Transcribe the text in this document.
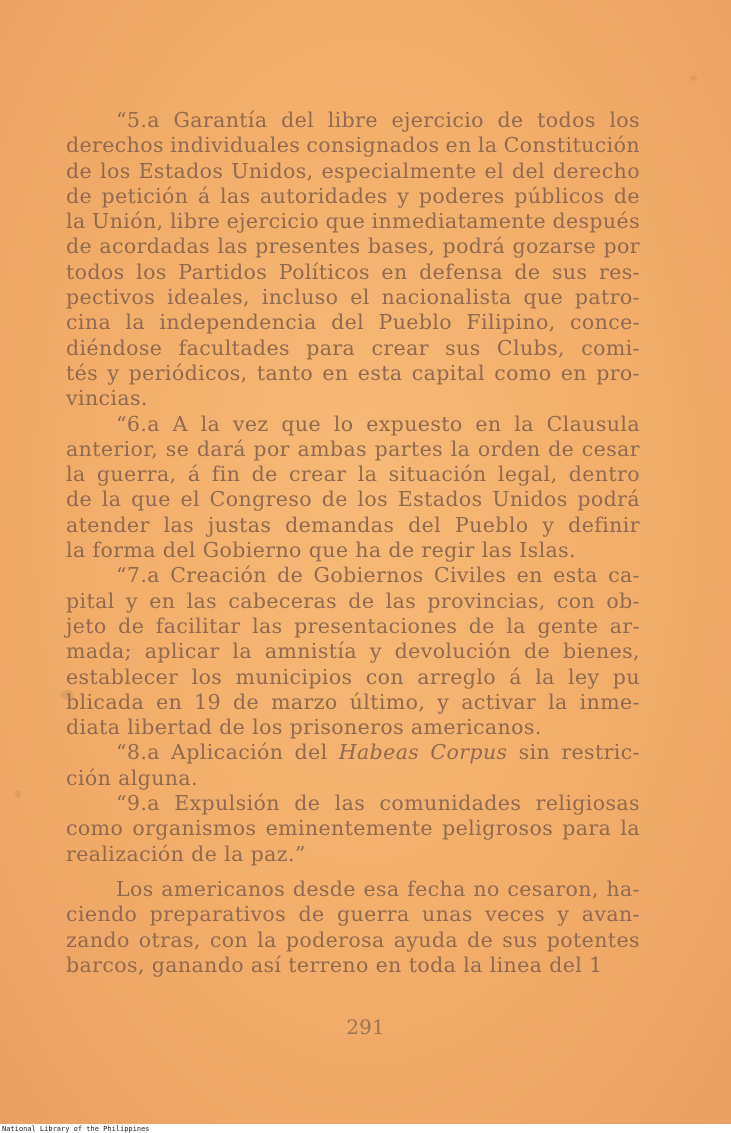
“5.a Garantía del libre ejercicio de todos los
derechos individuales consignados en la Constitución
de los Estados Unidos, especialmente el del derecho
de petición á las autoridades y poderes públicos de
la Unión, libre ejercicio que inmediatamente después
de acordadas las presentes bases, podrá gozarse por
todos los Partidos Políticos en defensa de sus res-
pectivos ideales, incluso el nacionalista que patro-
cina la independencia del Pueblo Filipino, conce-
diéndose facultades para crear sus Clubs, comi-
tés y periódicos, tanto en esta capital como en pro-
vincias.
“6.a A la vez que lo expuesto en la Clausula
anterior, se dará por ambas partes la orden de cesar
la guerra, á fin de crear la situación legal, dentro
de la que el Congreso de los Estados Unidos podrá
atender las justas demandas del Pueblo y definir
la forma del Gobierno que ha de regir las Islas.
“7.a Creación de Gobiernos Civiles en esta ca-
pital y en las cabeceras de las provincias, con ob-
jeto de facilitar las presentaciones de la gente ar-
mada; aplicar la amnistía y devolución de bienes,
establecer los municipios con arreglo á la ley pu
blicada en 19 de marzo último, y activar la inme-
diata libertad de los prisoneros americanos.
“8.a Aplicación del Habeas Corpus sin restric-
ción alguna.
“9.a Expulsión de las comunidades religiosas
como organismos eminentemente peligrosos para la
realización de la paz.”
Los americanos desde esa fecha no cesaron, ha-
ciendo preparativos de guerra unas veces y avan-
zando otras, con la poderosa ayuda de sus potentes
barcos, ganando así terreno en toda la linea del 1
291
National Library of the Philippines
